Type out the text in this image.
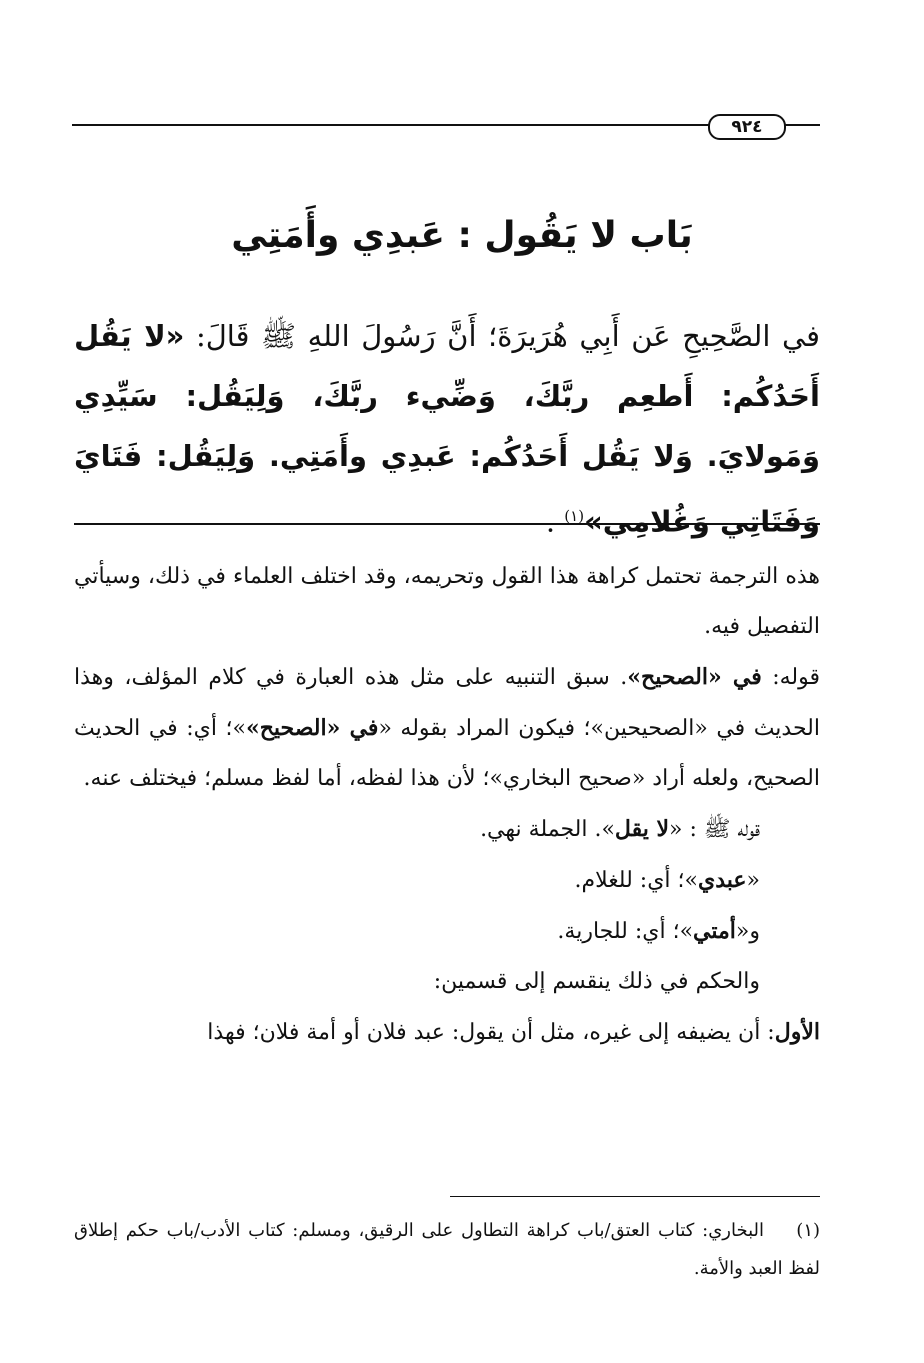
٩٢٤
بَاب لا يَقُول : عَبدِي وأَمَتِي
في الصَّحِيحِ عَن أَبِي هُرَيرَةَ؛ أَنَّ رَسُولَ اللهِ ﷺ قَالَ: «لا يَقُل أَحَدُكُم: أَطعِم ربَّكَ، وَضِّيء ربَّكَ، وَلِيَقُل: سَيِّدِي وَمَولايَ. وَلا يَقُل أَحَدُكُم: عَبدِي وأَمَتِي. وَلِيَقُل: فَتَايَ وَفَتَاتِي وَغُلامِي»$^{(١)}$ .

هذه الترجمة تحتمل كراهة هذا القول وتحريمه، وقد اختلف العلماء في ذلك، وسيأتي التفصيل فيه.

قوله: في «الصحيح». سبق التنبيه على مثل هذه العبارة في كلام المؤلف، وهذا الحديث في «الصحيحين»؛ فيكون المراد بقوله «في «الصحيح»»؛ أي: في الحديث الصحيح، ولعله أراد «صحيح البخاري»؛ لأن هذا لفظه، أما لفظ مسلم؛ فيختلف عنه.

قوله ﷺ : «لا يقل». الجملة نهي.

«عبدي»؛ أي: للغلام.

و«أمتي»؛ أي: للجارية.

والحكم في ذلك ينقسم إلى قسمين:

الأول: أن يضيفه إلى غيره، مثل أن يقول: عبد فلان أو أمة فلان؛ فهذا

(١)البخاري: كتاب العتق/باب كراهة التطاول على الرقيق، ومسلم: كتاب الأدب/باب حكم إطلاق لفظ العبد والأمة.
